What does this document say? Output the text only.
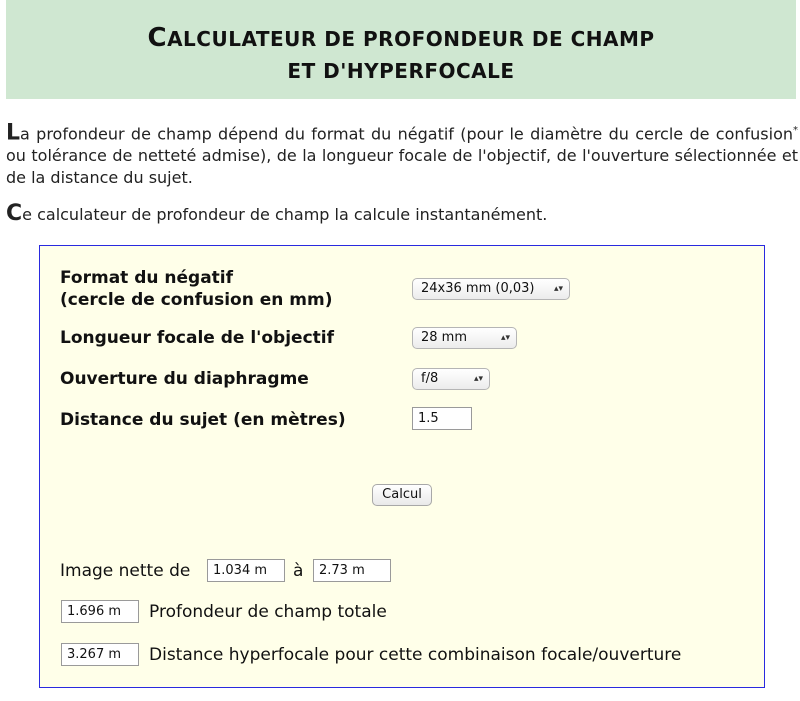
CALCULATEUR DE PROFONDEUR DE CHAMP
ET D'HYPERFOCALE

La profondeur de champ dépend du format du négatif (pour le diamètre du cercle de confusion* ou tolérance de netteté admise), de la longueur focale de l'objectif, de l'ouverture sélectionnée et de la distance du sujet.

Ce calculateur de profondeur de champ la calcule instantanément.

Format du négatif
(cercle de confusion en mm)
24x36 mm (0,03) ▴▾
Longueur focale de l'objectif	28 mm	▴▾
Ouverture du diaphragme	f/8	▴▾
Distance du sujet (en mètres)	1.5
Calcul
Image nette de	1.034 m	à	2.73 m
1.696 m	Profondeur de champ totale
3.267 m	Distance hyperfocale pour cette combinaison focale/ouverture
